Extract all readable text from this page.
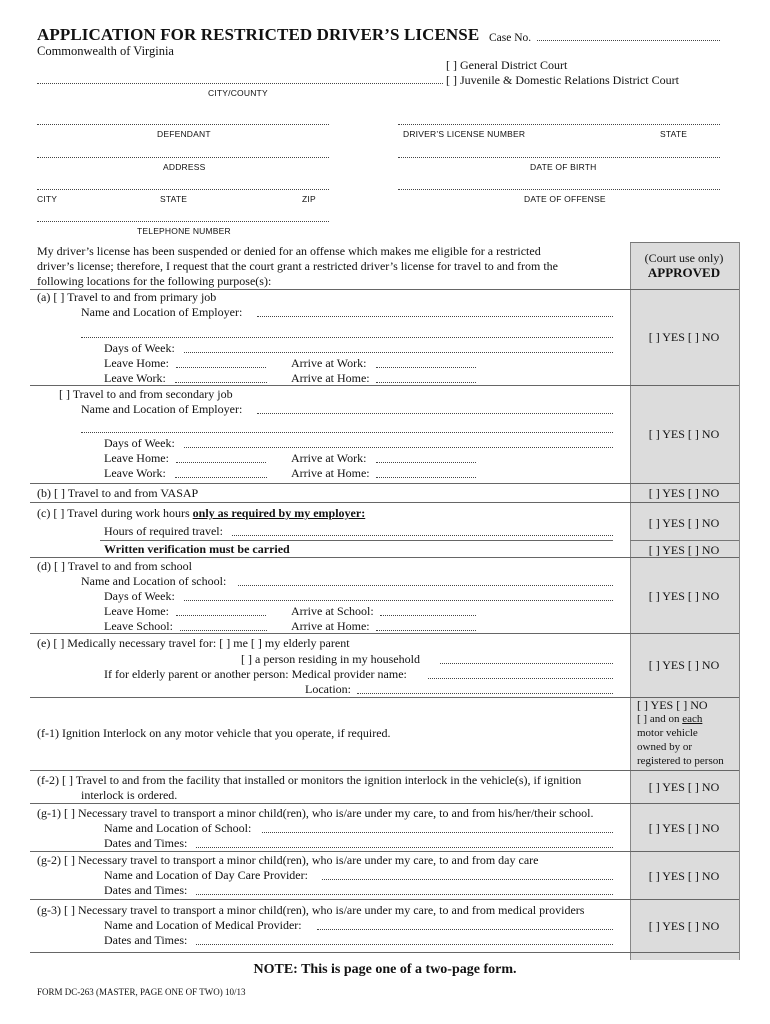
APPLICATION FOR RESTRICTED DRIVER’S LICENSE
Commonwealth of Virginia
Case No.
[ ] General District Court
[ ] Juvenile & Domestic Relations District Court
CITY/COUNTY
DEFENDANT	DRIVER’S LICENSE NUMBER	STATE
ADDRESS	DATE OF BIRTH
CITY	STATE	ZIP	DATE OF OFFENSE
TELEPHONE NUMBER
(Court use only)
APPROVED
My driver’s license has been suspended or denied for an offense which makes me eligible for a restricted
driver’s license; therefore, I request that the court grant a restricted driver’s license for travel to and from the
following locations for the following purpose(s):
(a) [ ] Travel to and from primary job
Name and Location of Employer:
Days of Week:
Leave Home:	Arrive at Work:
Leave Work:	Arrive at Home:
[ ] YES [ ] NO
[ ] Travel to and from secondary job
Name and Location of Employer:
Days of Week:
Leave Home:	Arrive at Work:
Leave Work:	Arrive at Home:
[ ] YES [ ] NO
(b) [ ] Travel to and from VASAP	[ ] YES [ ] NO
(c) [ ] Travel during work hours only as required by my employer:
Hours of required travel:
Written verification must be carried
[ ] YES [ ] NO
[ ] YES [ ] NO
(d) [ ] Travel to and from school
Name and Location of school:
Days of Week:
Leave Home:	Arrive at School:
Leave School:	Arrive at Home:
[ ] YES [ ] NO
(e) [ ] Medically necessary travel for: [ ] me [ ] my elderly parent
[ ] a person residing in my household
If for elderly parent or another person: Medical provider name:
Location:
[ ] YES [ ] NO
(f-1) Ignition Interlock on any motor vehicle that you operate, if required.
[ ] YES [ ] NO
[ ] and on each
motor vehicle
owned by or
registered to person
(f-2) [ ] Travel to and from the facility that installed or monitors the ignition interlock in the vehicle(s), if ignition
interlock is ordered.
[ ] YES [ ] NO
(g-1) [ ] Necessary travel to transport a minor child(ren), who is/are under my care, to and from his/her/their school.
Name and Location of School:
Dates and Times:
[ ] YES [ ] NO
(g-2) [ ] Necessary travel to transport a minor child(ren), who is/are under my care, to and from day care
Name and Location of Day Care Provider:
Dates and Times:
[ ] YES [ ] NO
(g-3) [ ] Necessary travel to transport a minor child(ren), who is/are under my care, to and from medical providers
Name and Location of Medical Provider:
Dates and Times:
[ ] YES [ ] NO
NOTE: This is page one of a two-page form.
FORM DC-263 (MASTER, PAGE ONE OF TWO) 10/13
